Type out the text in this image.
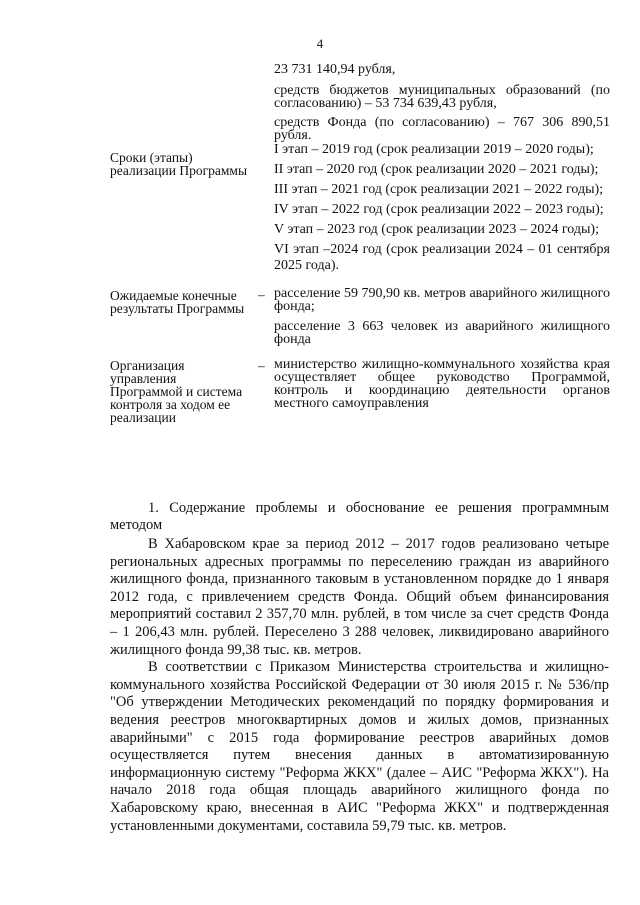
4

23 731 140,94 рубля,

средств бюджетов муниципальных образований (по согласованию) – 53 734 639,43 рубля,

средств Фонда (по согласованию) – 767 306 890,51 рубля.

Сроки (этапы) реализации Программы

I этап – 2019 год (срок реализации 2019 – 2020 годы);

II этап – 2020 год (срок реализации 2020 – 2021 годы);

III этап – 2021 год (срок реализации 2021 – 2022 годы);

IV этап – 2022 год (срок реализации 2022 – 2023 годы);

V этап – 2023 год (срок реализации 2023 – 2024 годы);

VI этап –2024 год (срок реализации 2024 – 01 сентября 2025 года).

Ожидаемые конечные результаты Программы
– расселение 59 790,90 кв. метров аварийного жилищного фонда;

расселение 3 663 человек из аварийного жилищного фонда

Организация управления Программой и система контроля за ходом ее реализации
– министерство жилищно-коммунального хозяйства края осуществляет общее руководство Программой, контроль и координацию деятельности органов местного самоуправления

1. Содержание проблемы и обоснование ее решения программным методом

В Хабаровском крае за период 2012 – 2017 годов реализовано четыре региональных адресных программы по переселению граждан из аварийного жилищного фонда, признанного таковым в установленном порядке до 1 января 2012 года, с привлечением средств Фонда. Общий объем финансирования мероприятий составил 2 357,70 млн. рублей, в том числе за счет средств Фонда – 1 206,43 млн. рублей. Переселено 3 288 человек, ликвидировано аварийного жилищного фонда 99,38 тыс. кв. метров.

В соответствии с Приказом Министерства строительства и жилищно-коммунального хозяйства Российской Федерации от 30 июля 2015 г. № 536/пр "Об утверждении Методических рекомендаций по порядку формирования и ведения реестров многоквартирных домов и жилых домов, признанных аварийными" с 2015 года формирование реестров аварийных домов осуществляется путем внесения данных в автоматизированную информационную систему "Реформа ЖКХ" (далее – АИС "Реформа ЖКХ"). На начало 2018 года общая площадь аварийного жилищного фонда по Хабаровскому краю, внесенная в АИС "Реформа ЖКХ" и подтвержденная установленными документами, составила 59,79 тыс. кв. метров.
